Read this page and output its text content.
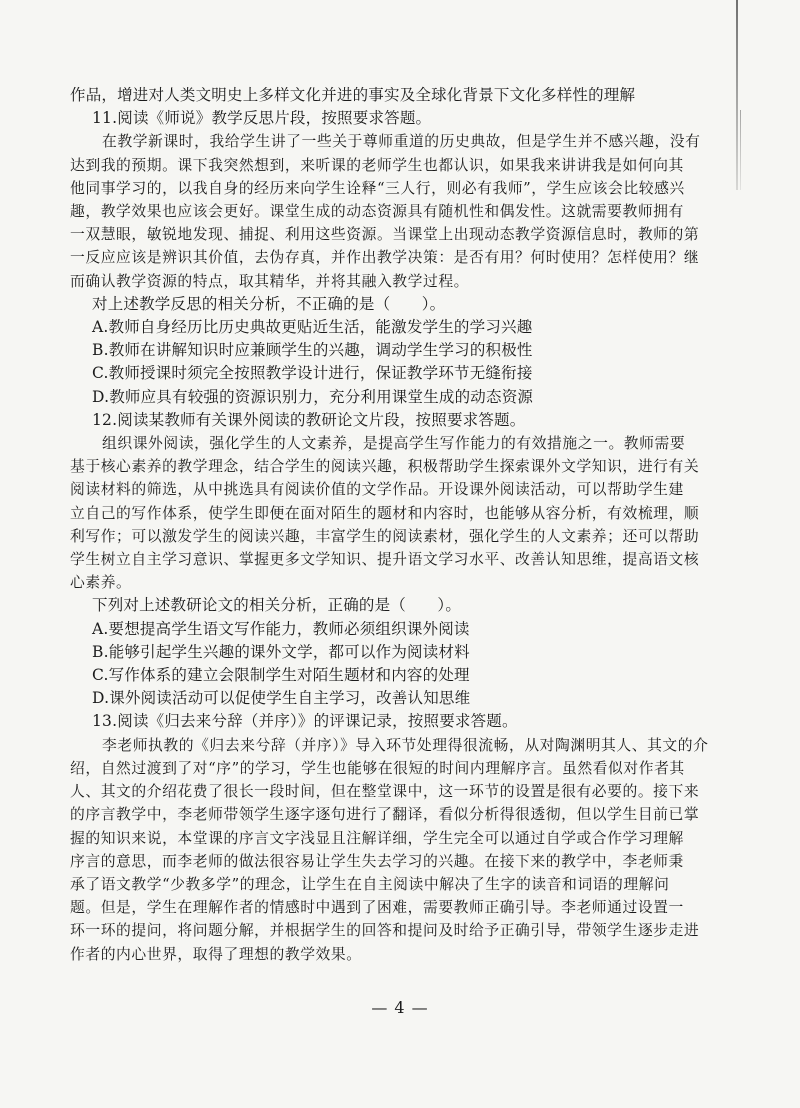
作品，增进对人类文明史上多样文化并进的事实及全球化背景下文化多样性的理解
11.阅读《师说》教学反思片段，按照要求答题。
在教学新课时，我给学生讲了一些关于尊师重道的历史典故，但是学生并不感兴趣，没有
达到我的预期。课下我突然想到，来听课的老师学生也都认识，如果我来讲讲我是如何向其
他同事学习的，以我自身的经历来向学生诠释“三人行，则必有我师”，学生应该会比较感兴
趣，教学效果也应该会更好。课堂生成的动态资源具有随机性和偶发性。这就需要教师拥有
一双慧眼，敏锐地发现、捕捉、利用这些资源。当课堂上出现动态教学资源信息时，教师的第
一反应应该是辨识其价值，去伪存真，并作出教学决策：是否有用？何时使用？怎样使用？继
而确认教学资源的特点，取其精华，并将其融入教学过程。
对上述教学反思的相关分析，不正确的是（　　）。
A.教师自身经历比历史典故更贴近生活，能激发学生的学习兴趣
B.教师在讲解知识时应兼顾学生的兴趣，调动学生学习的积极性
C.教师授课时须完全按照教学设计进行，保证教学环节无缝衔接
D.教师应具有较强的资源识别力，充分利用课堂生成的动态资源
12.阅读某教师有关课外阅读的教研论文片段，按照要求答题。
组织课外阅读，强化学生的人文素养，是提高学生写作能力的有效措施之一。教师需要
基于核心素养的教学理念，结合学生的阅读兴趣，积极帮助学生探索课外文学知识，进行有关
阅读材料的筛选，从中挑选具有阅读价值的文学作品。开设课外阅读活动，可以帮助学生建
立自己的写作体系，使学生即便在面对陌生的题材和内容时，也能够从容分析，有效梳理，顺
利写作；可以激发学生的阅读兴趣，丰富学生的阅读素材，强化学生的人文素养；还可以帮助
学生树立自主学习意识、掌握更多文学知识、提升语文学习水平、改善认知思维，提高语文核
心素养。
下列对上述教研论文的相关分析，正确的是（　　）。
A.要想提高学生语文写作能力，教师必须组织课外阅读
B.能够引起学生兴趣的课外文学，都可以作为阅读材料
C.写作体系的建立会限制学生对陌生题材和内容的处理
D.课外阅读活动可以促使学生自主学习，改善认知思维
13.阅读《归去来兮辞（并序）》的评课记录，按照要求答题。
李老师执教的《归去来兮辞（并序）》导入环节处理得很流畅，从对陶渊明其人、其文的介
绍，自然过渡到了对“序”的学习，学生也能够在很短的时间内理解序言。虽然看似对作者其
人、其文的介绍花费了很长一段时间，但在整堂课中，这一环节的设置是很有必要的。接下来
的序言教学中，李老师带领学生逐字逐句进行了翻译，看似分析得很透彻，但以学生目前已掌
握的知识来说，本堂课的序言文字浅显且注解详细，学生完全可以通过自学或合作学习理解
序言的意思，而李老师的做法很容易让学生失去学习的兴趣。在接下来的教学中，李老师秉
承了语文教学“少教多学”的理念，让学生在自主阅读中解决了生字的读音和词语的理解问
题。但是，学生在理解作者的情感时中遇到了困难，需要教师正确引导。李老师通过设置一
环一环的提问，将问题分解，并根据学生的回答和提问及时给予正确引导，带领学生逐步走进
作者的内心世界，取得了理想的教学效果。
— 4 —
